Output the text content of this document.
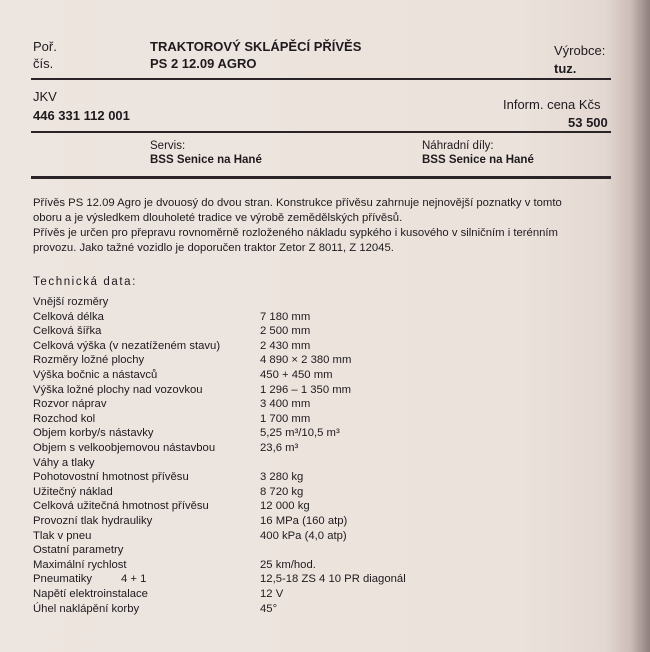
Poř.
čís.
TRAKTOROVÝ SKLÁPĚCÍ PŘÍVĚS
PS 2 12.09 AGRO
Výrobce:
tuz.
JKV
446 331 112 001
Inform. cena Kčs
53 500
Servis:
BSS Senice na Hané
Náhradní díly:
BSS Senice na Hané
Přívěs PS 12.09 Agro je dvouosý do dvou stran. Konstrukce přívěsu zahrnuje nejnovější poznatky v tomto
oboru a je výsledkem dlouholeté tradice ve výrobě zemědělských přívěsů.
Přívěs je určen pro přepravu rovnoměrně rozloženého nákladu sypkého i kusového v silničním i terénním
provozu. Jako tažné vozidlo je doporučen traktor Zetor Z 8011, Z 12045.
Technická data:
Vnější rozměry
Celková délka	7 180 mm
Celková šířka	2 500 mm
Celková výška (v nezatíženém stavu)	2 430 mm
Rozměry ložné plochy	4 890 × 2 380 mm
Výška bočnic a nástavců	450 + 450 mm
Výška ložné plochy nad vozovkou	1 296 – 1 350 mm
Rozvor náprav	3 400 mm
Rozchod kol	1 700 mm
Objem korby/s nástavky	5,25 m³/10,5 m³
Objem s velkoobjemovou nástavbou	23,6 m³
Váhy a tlaky
Pohotovostní hmotnost přívěsu	3 280 kg
Užitečný náklad	8 720 kg
Celková užitečná hmotnost přívěsu	12 000 kg
Provozní tlak hydrauliky	16 MPa (160 atp)
Tlak v pneu	400 kPa (4,0 atp)
Ostatní parametry
Maximální rychlost	25 km/hod.
Pneumatiky	4 + 1	12,5-18 ZS 4 10 PR diagonál
Napětí elektroinstalace	12 V
Úhel naklápění korby	45°
